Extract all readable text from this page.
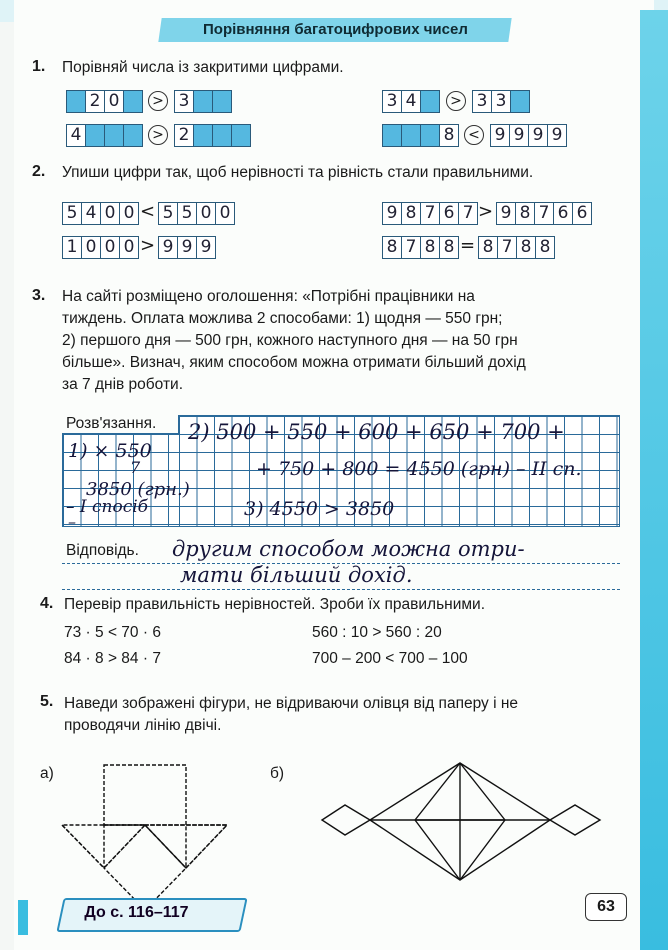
Порівняння багатоцифрових чисел
1. Порівняй числа із закритими цифрами.
2. Упиши цифри так, щоб нерівності та рівність стали правильними.
3. На сайті розміщено оголошення: «Потрібні працівники на
тиждень. Оплата можлива 2 способами: 1) щодня — 550 грн;
2) першого дня — 500 грн, кожного наступного дня — на 50 грн
більше». Визнач, яким способом можна отримати більший дохід
за 7 днів роботи.
Розв'язання. 2) 500 + 550 + 600 + 650 + 700 +
1) × 550
7	+ 750 + 800 = 4550 (грн) – II сп.
3850 (грн.)
– I спосіб	3) 4550 > 3850
–
Відповідь. другим способом можна отри-
мати більший дохід.
4. Перевір правильність нерівностей. Зроби їх правильними.
73 · 5 < 70 · 6	560 : 10 > 560 : 20
84 · 8 > 84 · 7	700 – 200 < 700 – 100
5. Наведи зображені фігури, не відриваючи олівця від паперу і не
проводячи лінію двічі.
а)	б)
До с. 116–117	63
2 0	> 3	3 4	> 3 3
4	> 2	8 < 9 9 9 9
5 4 0 0 < 5 5 0 0	9 8 7 6 7 > 9 8 7 6 6
1 0 0 0 > 9 9 9	8 7 8 8 = 8 7 8 8
